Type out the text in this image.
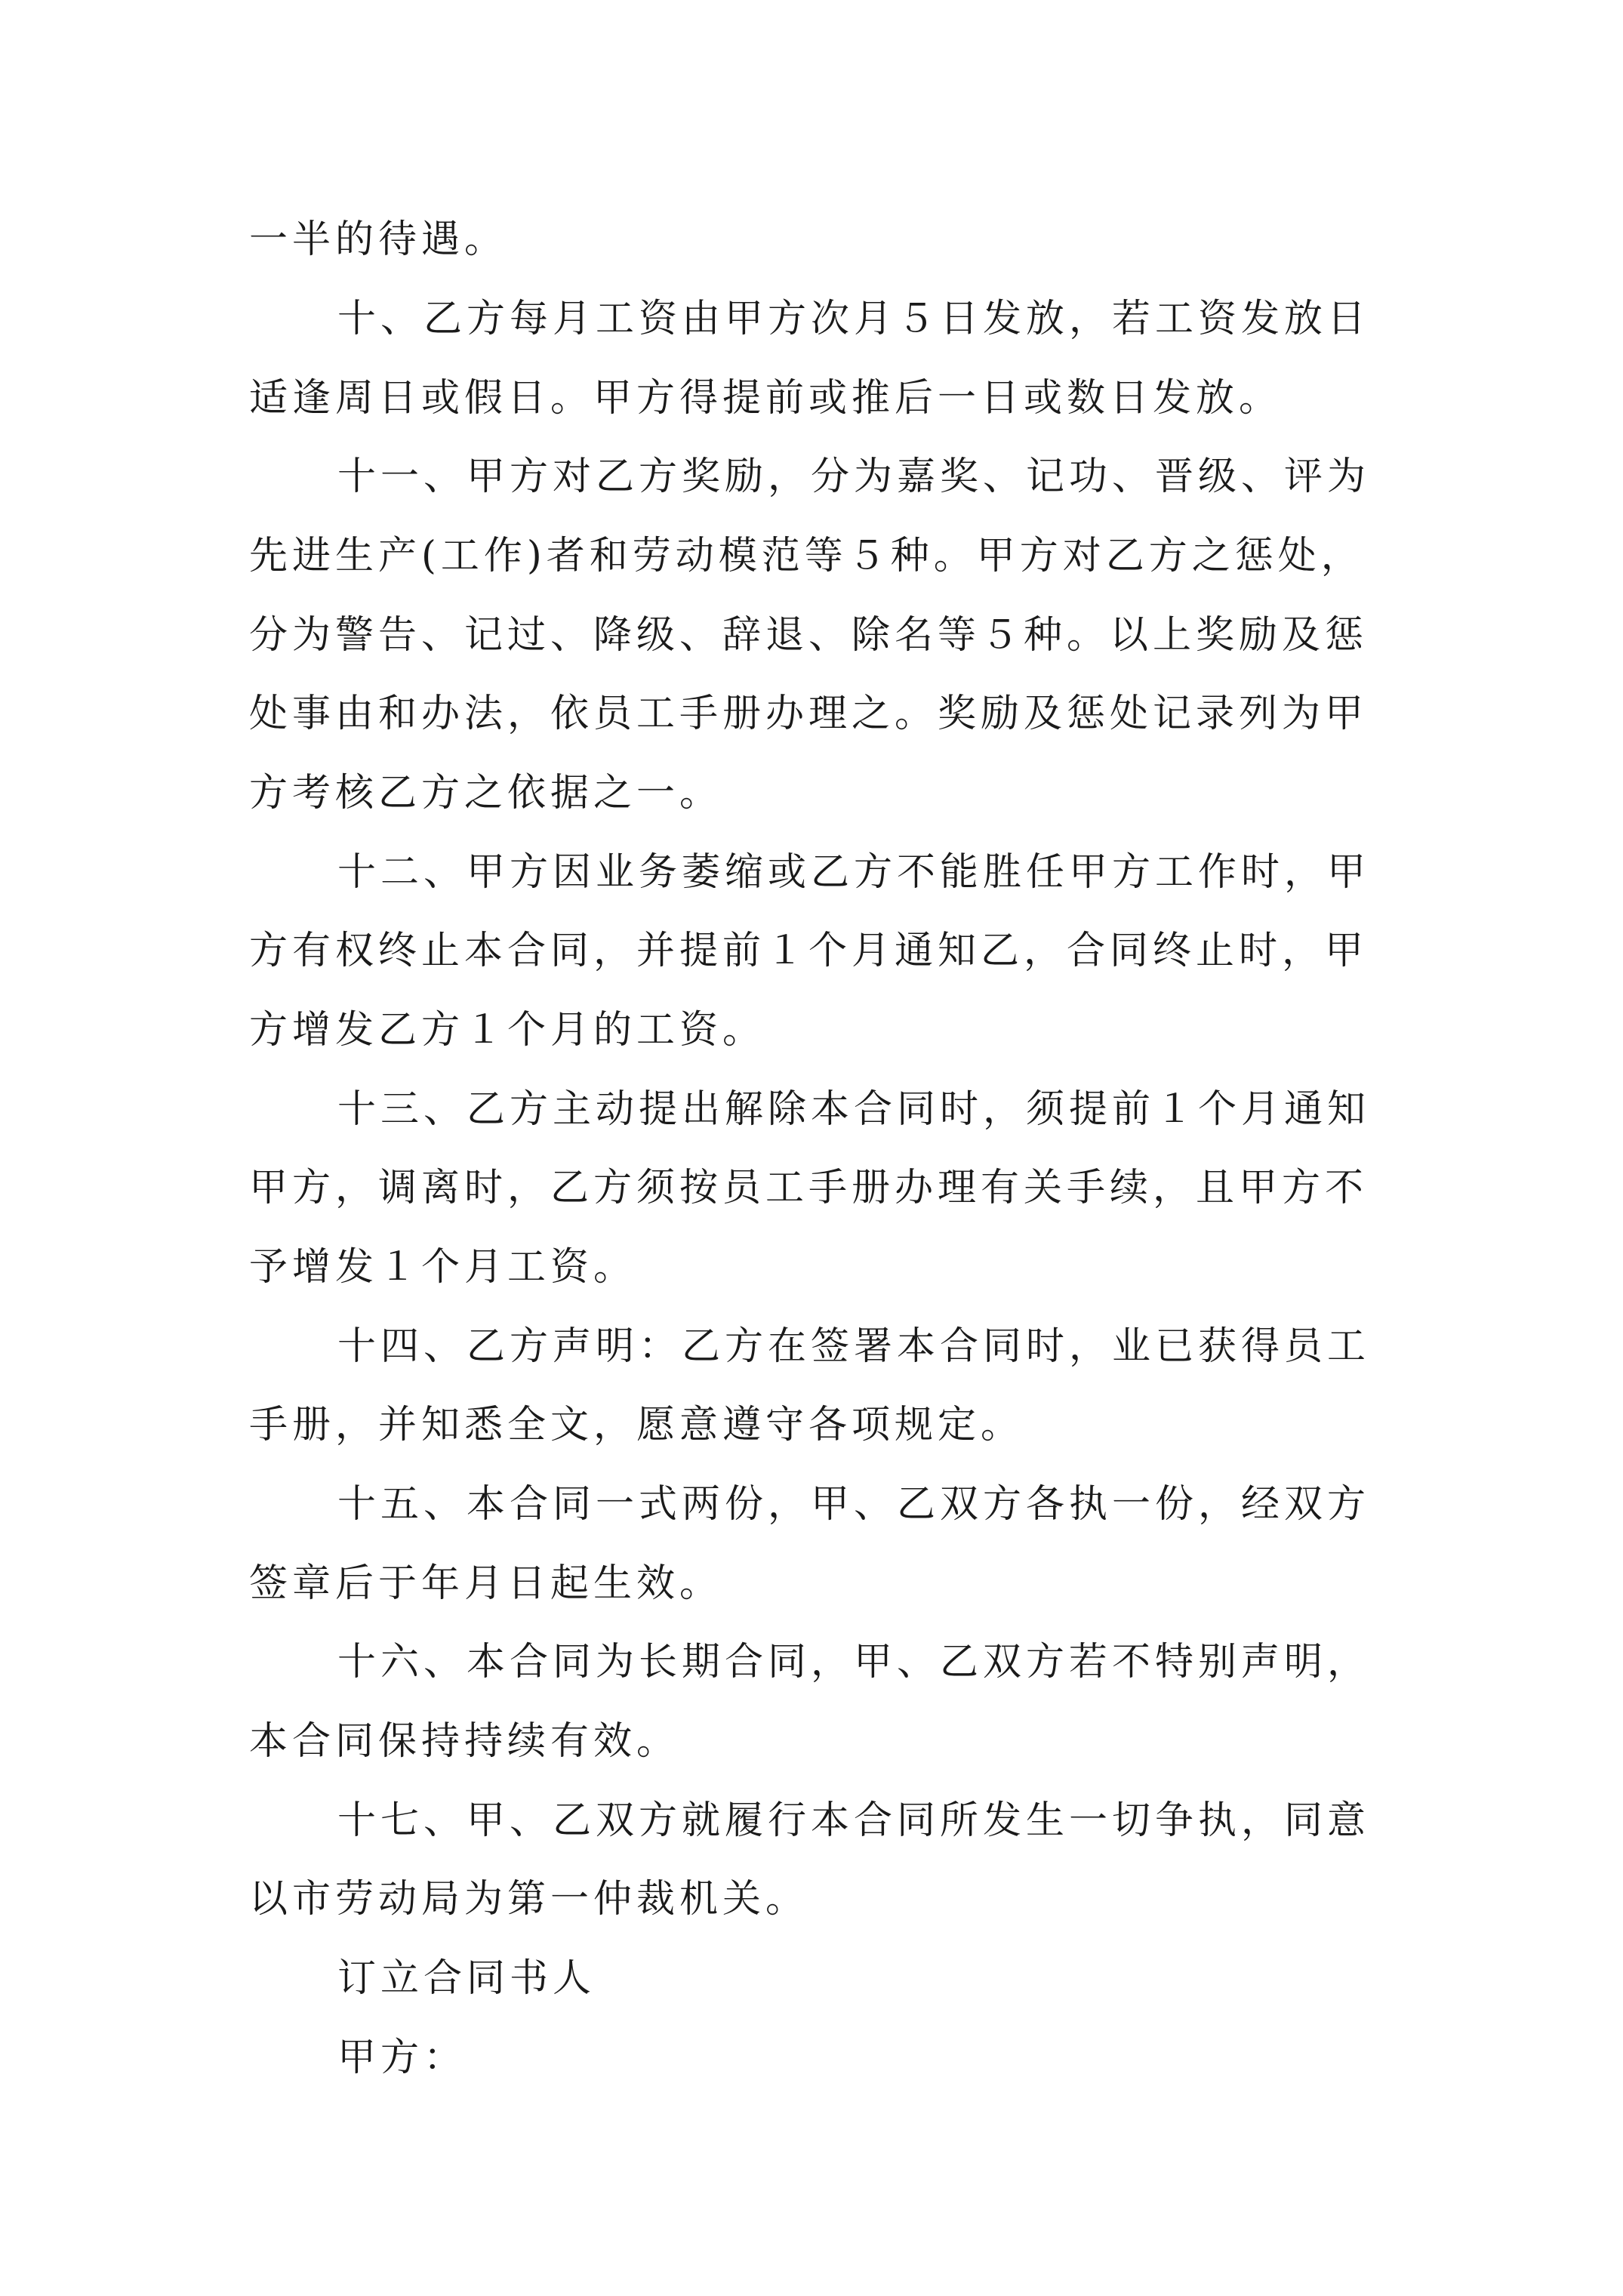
一半的待遇。
十、乙方每月工资由甲方次月５日发放，若工资发放日
适逢周日或假日。甲方得提前或推后一日或数日发放。
十一、甲方对乙方奖励，分为嘉奖、记功、晋级、评为
先进生产(工作)者和劳动模范等５种。甲方对乙方之惩处，
分为警告、记过、降级、辞退、除名等５种。以上奖励及惩
处事由和办法，依员工手册办理之。奖励及惩处记录列为甲
方考核乙方之依据之一。
十二、甲方因业务萎缩或乙方不能胜任甲方工作时，甲
方有权终止本合同，并提前１个月通知乙，合同终止时，甲
方增发乙方１个月的工资。
十三、乙方主动提出解除本合同时，须提前１个月通知
甲方，调离时，乙方须按员工手册办理有关手续，且甲方不
予增发１个月工资。
十四、乙方声明：乙方在签署本合同时，业已获得员工
手册，并知悉全文，愿意遵守各项规定。
十五、本合同一式两份，甲、乙双方各执一份，经双方
签章后于年月日起生效。
十六、本合同为长期合同，甲、乙双方若不特别声明，
本合同保持持续有效。
十七、甲、乙双方就履行本合同所发生一切争执，同意
以市劳动局为第一仲裁机关。
订立合同书人
甲方：
